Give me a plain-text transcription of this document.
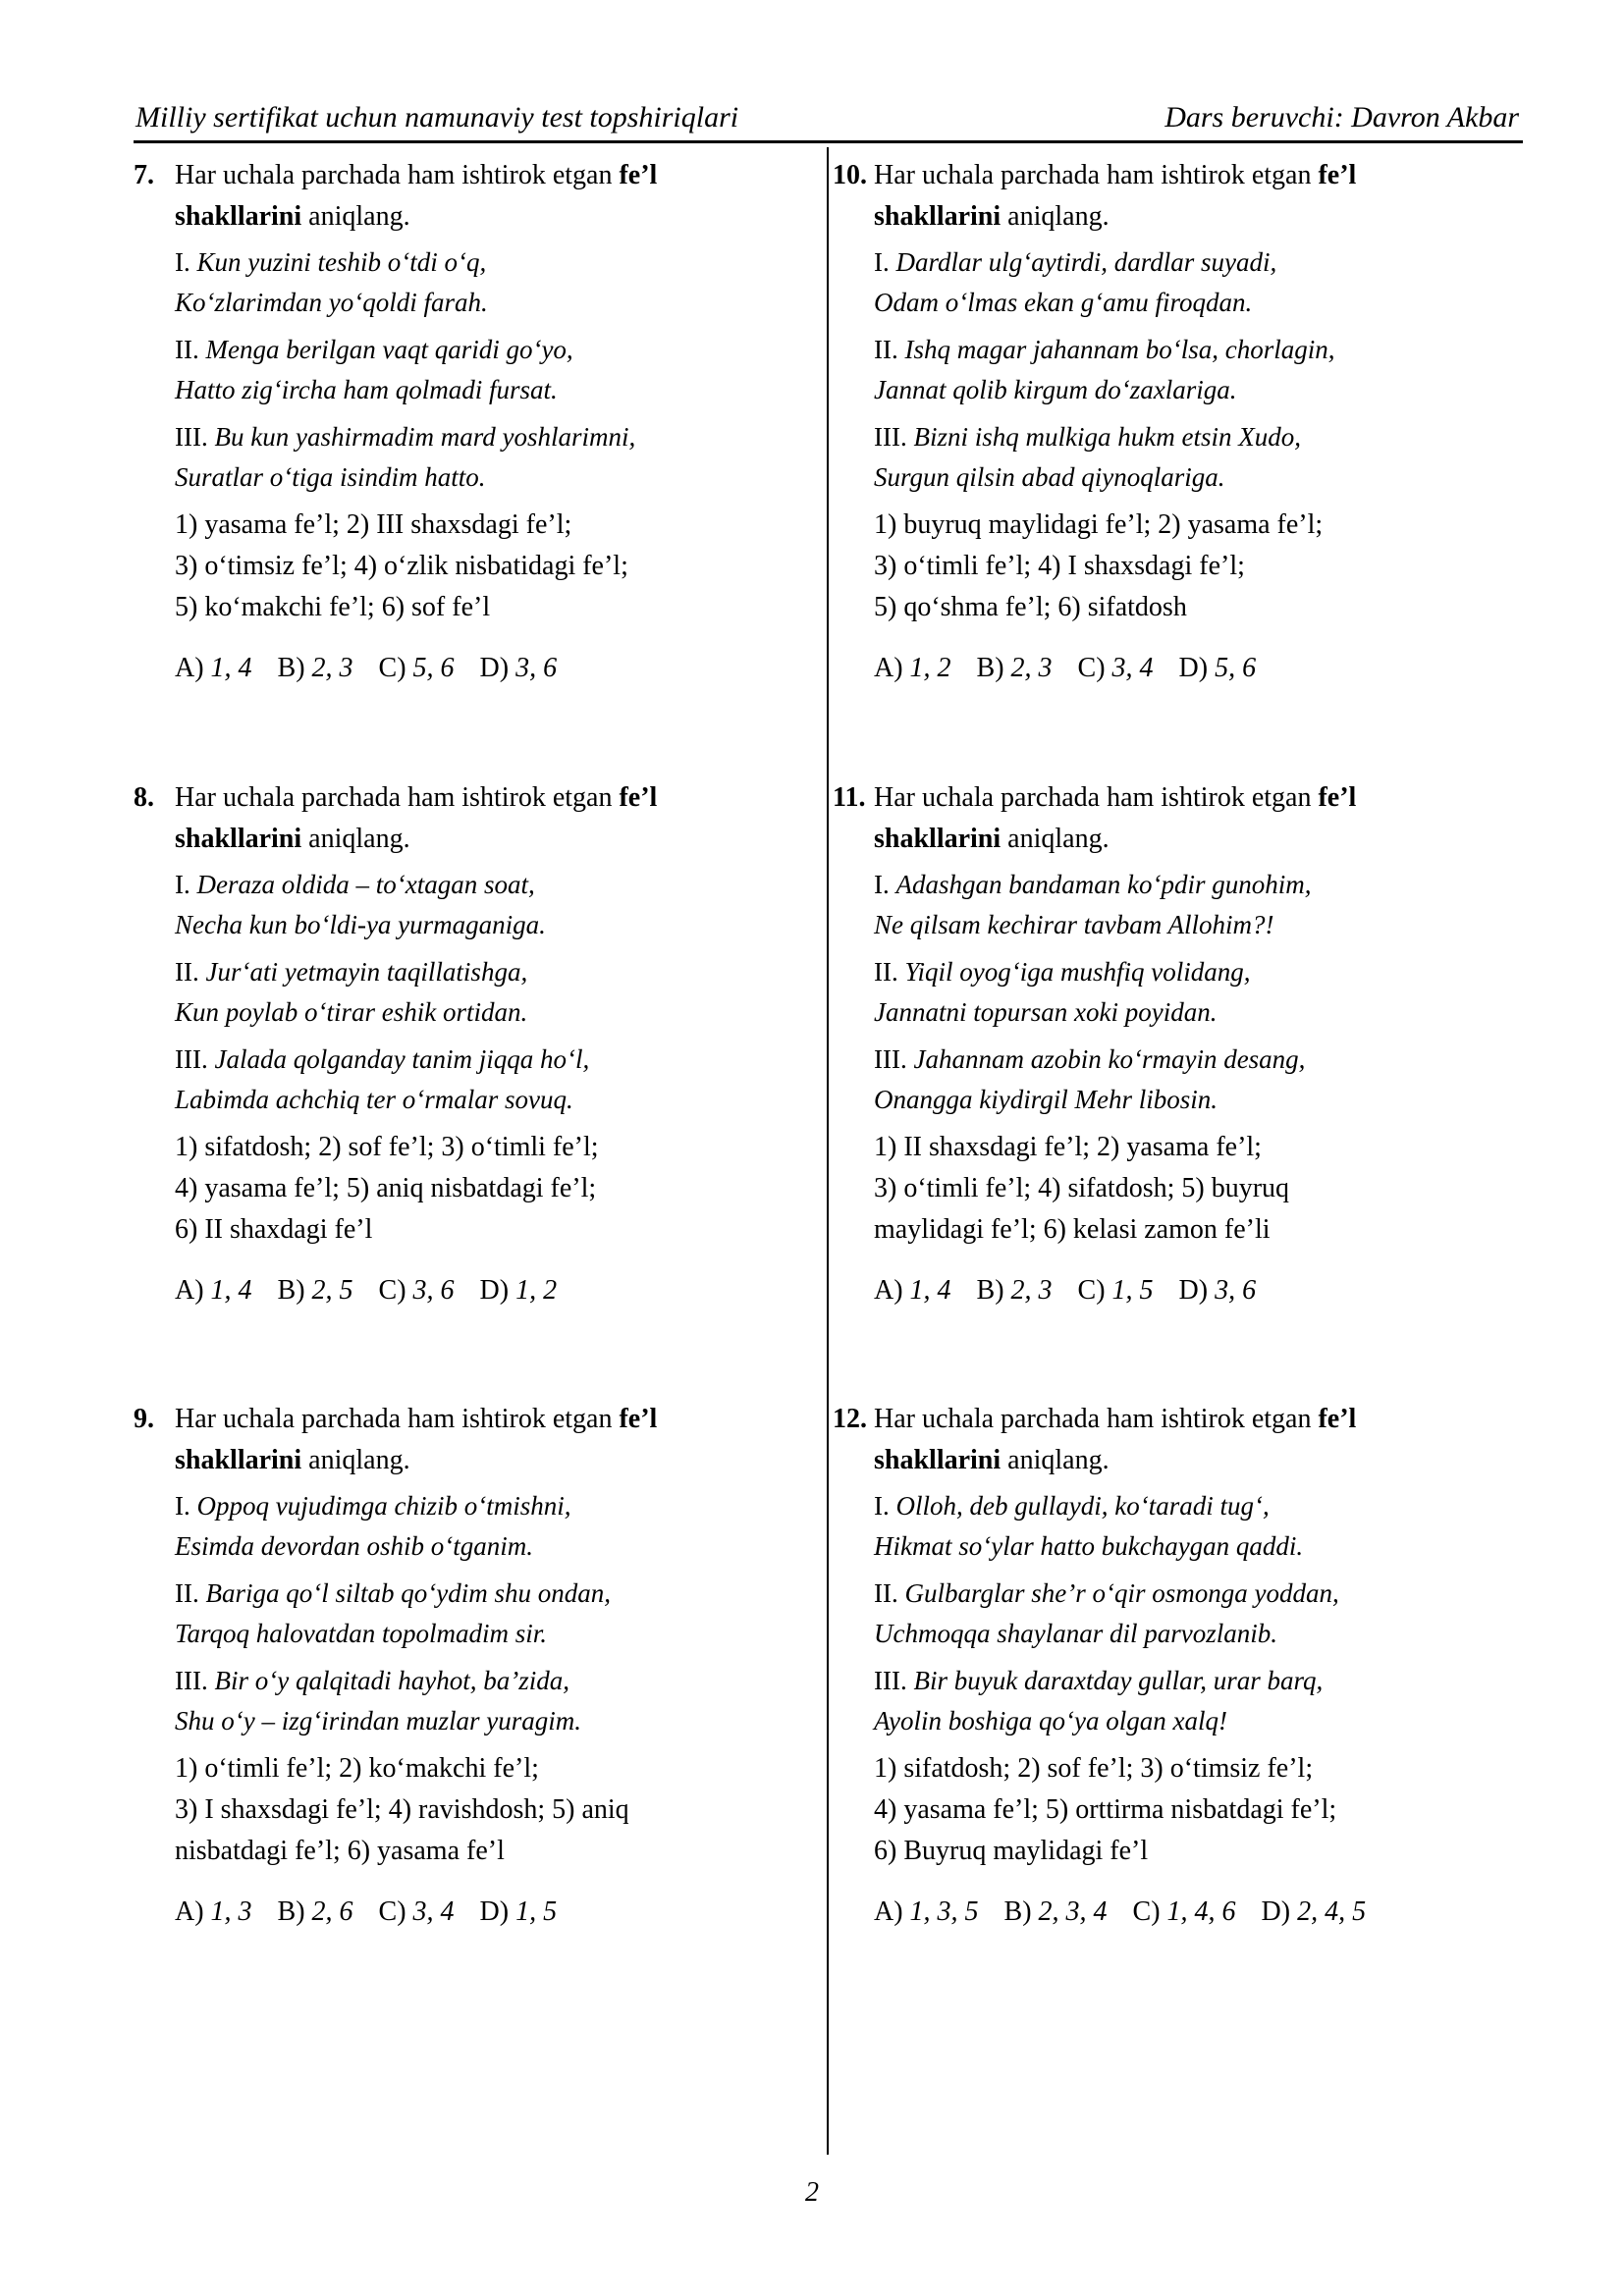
Milliy sertifikat uchun namunaviy test topshiriqlari	Dars beruvchi: Davron Akbar
7. Har uchala parchada ham ishtirok etgan fe’l
shakllarini aniqlang.
I. Kun yuzini teshib o‘tdi o‘q,
Ko‘zlarimdan yo‘qoldi farah.
II. Menga berilgan vaqt qaridi go‘yo,
Hatto zig‘ircha ham qolmadi fursat.
III. Bu kun yashirmadim mard yoshlarimni,
Suratlar o‘tiga isindim hatto.
1) yasama fe’l; 2) III shaxsdagi fe’l;
3) o‘timsiz fe’l; 4) o‘zlik nisbatidagi fe’l;
5) ko‘makchi fe’l; 6) sof fe’l
A) 1, 4 B) 2, 3 C) 5, 6 D) 3, 6
8. Har uchala parchada ham ishtirok etgan fe’l
shakllarini aniqlang.
I. Deraza oldida – to‘xtagan soat,
Necha kun bo‘ldi-ya yurmaganiga.
II. Jur‘ati yetmayin taqillatishga,
Kun poylab o‘tirar eshik ortidan.
III. Jalada qolganday tanim jiqqa ho‘l,
Labimda achchiq ter o‘rmalar sovuq.
1) sifatdosh; 2) sof fe’l; 3) o‘timli fe’l;
4) yasama fe’l; 5) aniq nisbatdagi fe’l;
6) II shaxdagi fe’l
A) 1, 4 B) 2, 5 C) 3, 6 D) 1, 2
9. Har uchala parchada ham ishtirok etgan fe’l
shakllarini aniqlang.
I. Oppoq vujudimga chizib o‘tmishni,
Esimda devordan oshib o‘tganim.
II. Bariga qo‘l siltab qo‘ydim shu ondan,
Tarqoq halovatdan topolmadim sir.
III. Bir o‘y qalqitadi hayhot, ba’zida,
Shu o‘y – izg‘irindan muzlar yuragim.
1) o‘timli fe’l; 2) ko‘makchi fe’l;
3) I shaxsdagi fe’l; 4) ravishdosh; 5) aniq
nisbatdagi fe’l; 6) yasama fe’l
A) 1, 3 B) 2, 6 C) 3, 4 D) 1, 5
10. Har uchala parchada ham ishtirok etgan fe’l
shakllarini aniqlang.
I. Dardlar ulg‘aytirdi, dardlar suyadi,
Odam o‘lmas ekan g‘amu firoqdan.
II. Ishq magar jahannam bo‘lsa, chorlagin,
Jannat qolib kirgum do‘zaxlariga.
III. Bizni ishq mulkiga hukm etsin Xudo,
Surgun qilsin abad qiynoqlariga.
1) buyruq maylidagi fe’l; 2) yasama fe’l;
3) o‘timli fe’l; 4) I shaxsdagi fe’l;
5) qo‘shma fe’l; 6) sifatdosh
A) 1, 2 B) 2, 3 C) 3, 4 D) 5, 6
11. Har uchala parchada ham ishtirok etgan fe’l
shakllarini aniqlang.
I. Adashgan bandaman ko‘pdir gunohim,
Ne qilsam kechirar tavbam Allohim?!
II. Yiqil oyog‘iga mushfiq volidang,
Jannatni topursan xoki poyidan.
III. Jahannam azobin ko‘rmayin desang,
Onangga kiydirgil Mehr libosin.
1) II shaxsdagi fe’l; 2) yasama fe’l;
3) o‘timli fe’l; 4) sifatdosh; 5) buyruq
maylidagi fe’l; 6) kelasi zamon fe’li
A) 1, 4 B) 2, 3 C) 1, 5 D) 3, 6
12. Har uchala parchada ham ishtirok etgan fe’l
shakllarini aniqlang.
I. Olloh, deb gullaydi, ko‘taradi tug‘,
Hikmat so‘ylar hatto bukchaygan qaddi.
II. Gulbarglar she’r o‘qir osmonga yoddan,
Uchmoqqa shaylanar dil parvozlanib.
III. Bir buyuk daraxtday gullar, urar barq,
Ayolin boshiga qo‘ya olgan xalq!
1) sifatdosh; 2) sof fe’l; 3) o‘timsiz fe’l;
4) yasama fe’l; 5) orttirma nisbatdagi fe’l;
6) Buyruq maylidagi fe’l
A) 1, 3, 5 B) 2, 3, 4 C) 1, 4, 6 D) 2, 4, 5
2
